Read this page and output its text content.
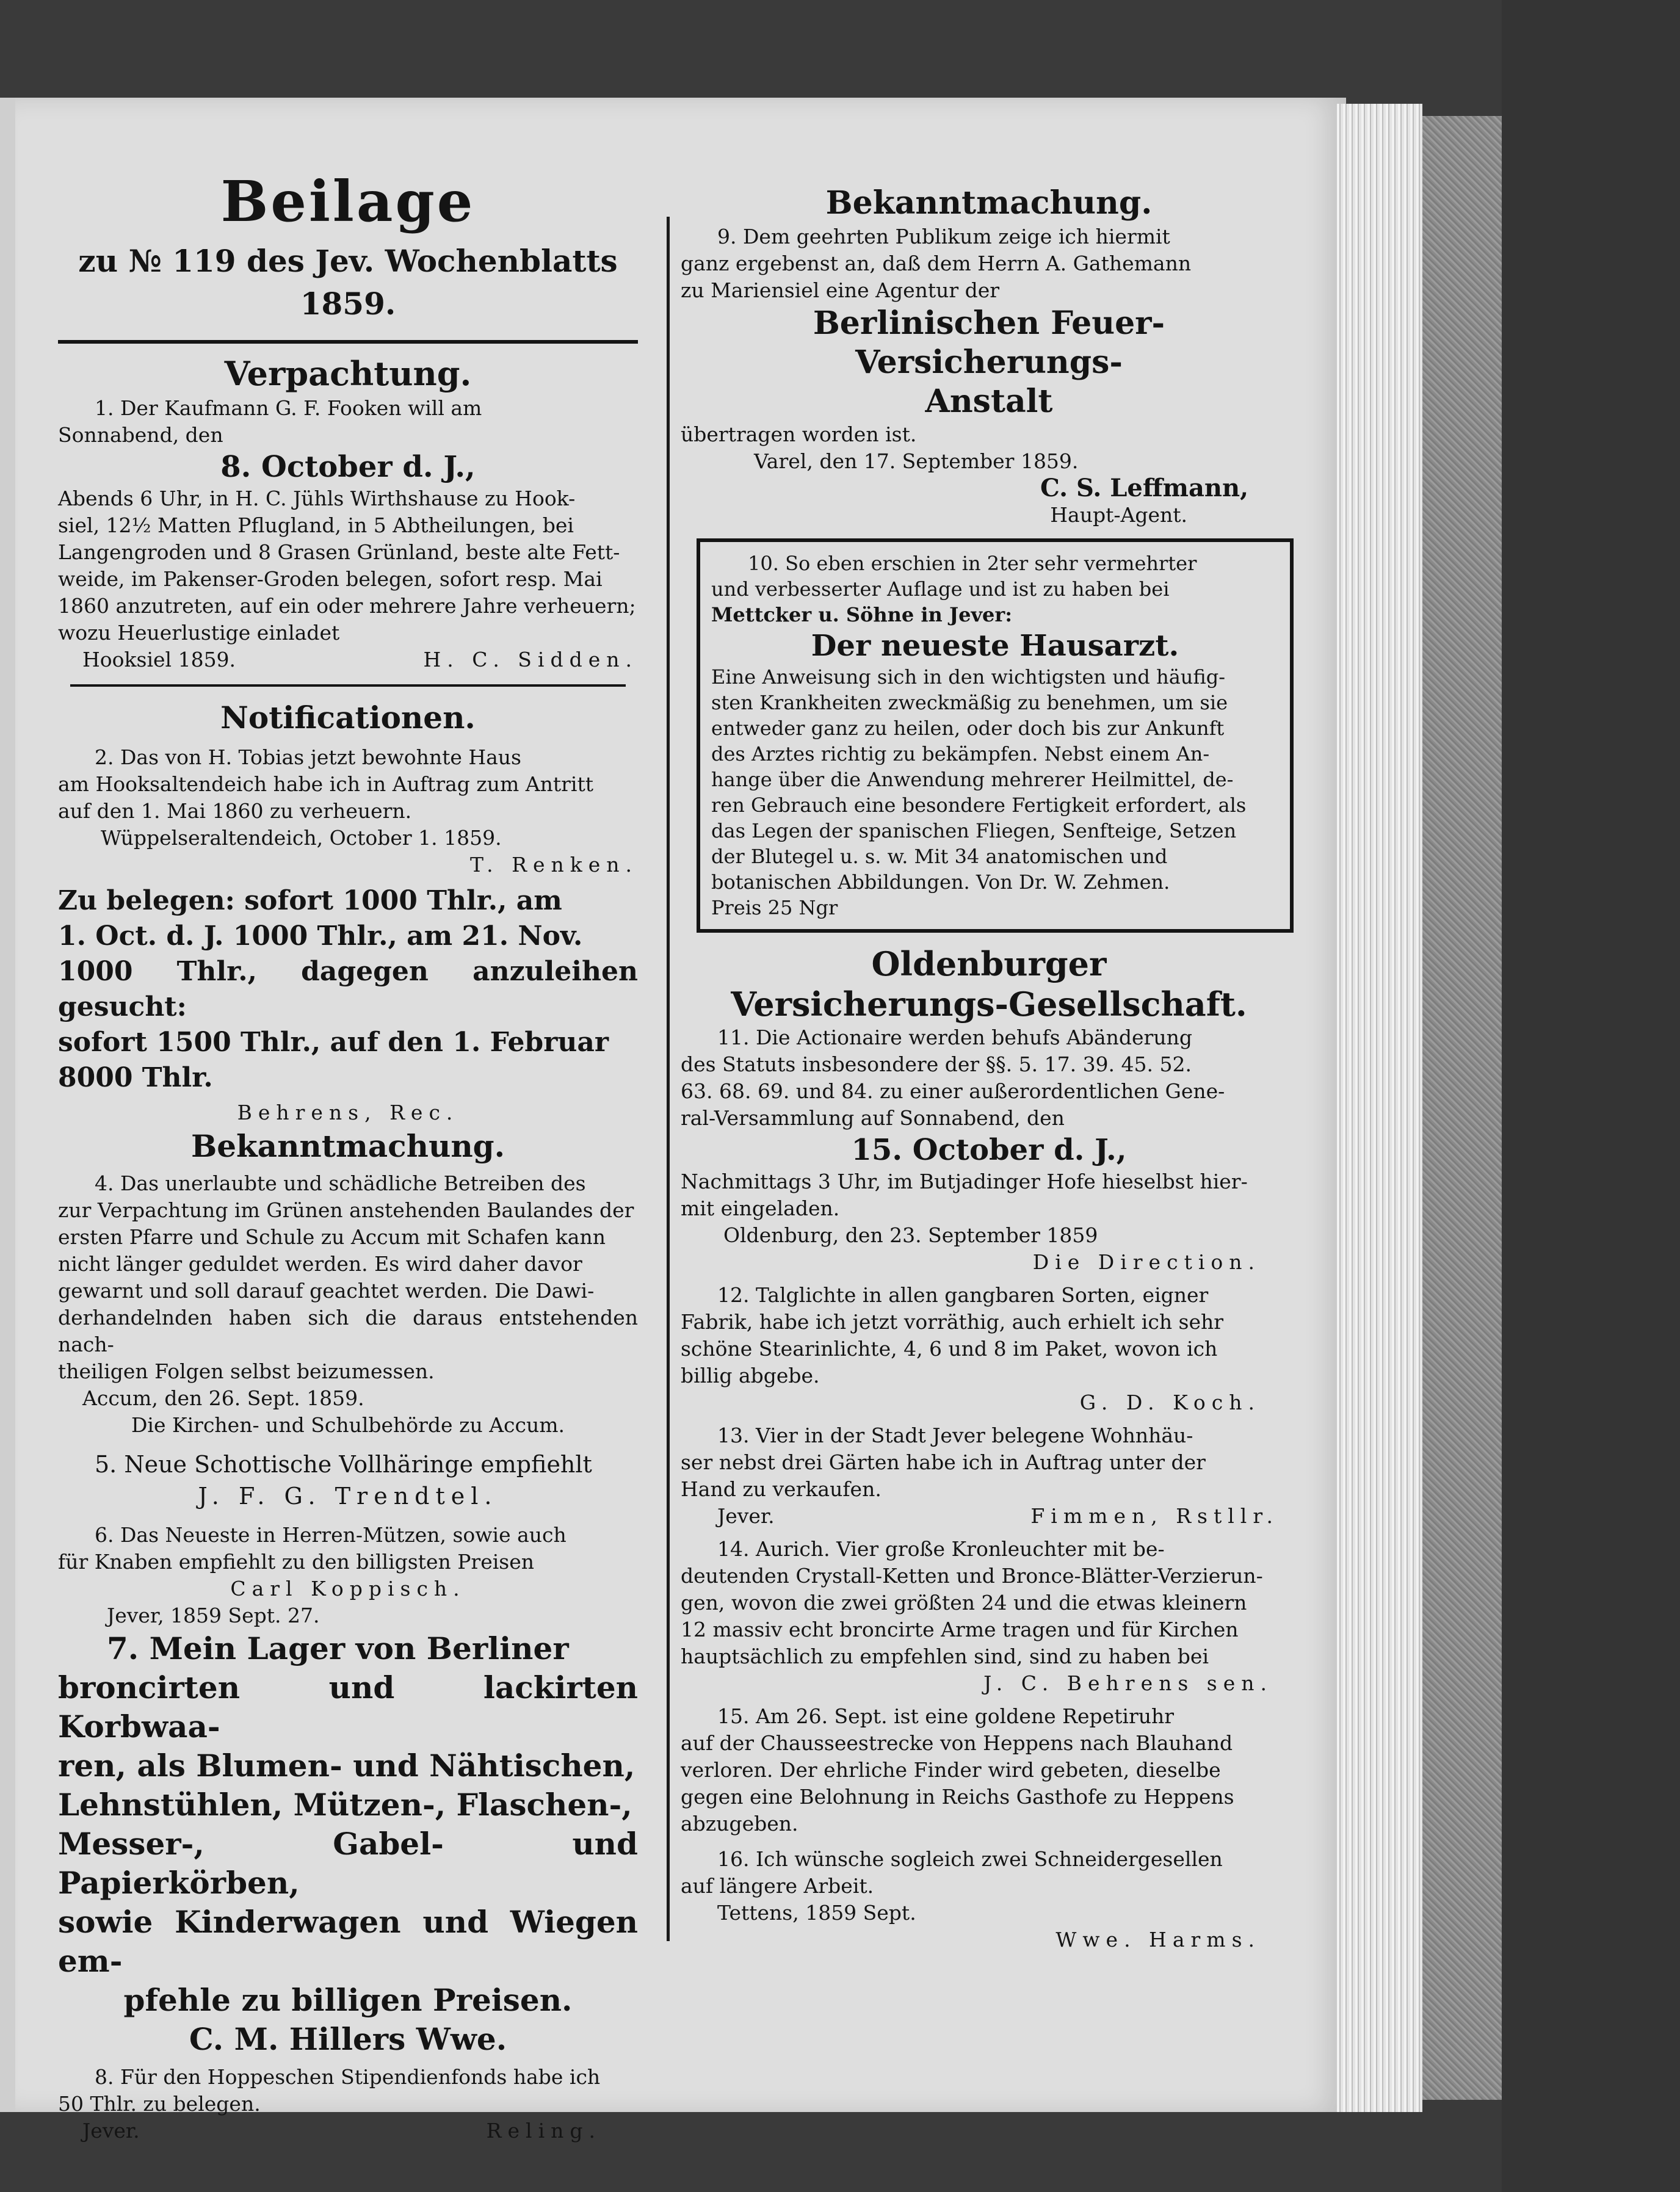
Beilage
zu № 119 des Jev. Wochenblatts 1859.
Verpachtung.

1. Der Kaufmann G. F. Fooken will am

Sonnabend, den

8. October d. J.,

Abends 6 Uhr, in H. C. Jühls Wirthshause zu Hook-

siel, 12½ Matten Pflugland, in 5 Abtheilungen, bei

Langengroden und 8 Grasen Grünland, beste alte Fett-

weide, im Pakenser-Groden belegen, sofort resp. Mai

1860 anzutreten, auf ein oder mehrere Jahre verheuern;

wozu Heuerlustige einladet

Hooksiel 1859.	H. C. Sidden.

Notificationen.

2. Das von H. Tobias jetzt bewohnte Haus

am Hooksaltendeich habe ich in Auftrag zum Antritt

auf den 1. Mai 1860 zu verheuern.

Wüppelseraltendeich, October 1. 1859.

T. Renken.

Zu belegen: sofort 1000 Thlr., am

1. Oct. d. J. 1000 Thlr., am 21. Nov.

1000 Thlr., dagegen anzuleihen gesucht:

sofort 1500 Thlr., auf den 1. Februar

8000 Thlr.

Behrens, Rec.

Bekanntmachung.

4. Das unerlaubte und schädliche Betreiben des

zur Verpachtung im Grünen anstehenden Baulandes der

ersten Pfarre und Schule zu Accum mit Schafen kann

nicht länger geduldet werden. Es wird daher davor

gewarnt und soll darauf geachtet werden. Die Dawi-

derhandelnden haben sich die daraus entstehenden nach-

theiligen Folgen selbst beizumessen.

Accum, den 26. Sept. 1859.

Die Kirchen- und Schulbehörde zu Accum.

5. Neue Schottische Vollhäringe empfiehlt

J. F. G. Trendtel.

6. Das Neueste in Herren-Mützen, sowie auch

für Knaben empfiehlt zu den billigsten Preisen

Carl Koppisch.

Jever, 1859 Sept. 27.

7. Mein Lager von Berliner

broncirten und lackirten Korbwaa-

ren, als Blumen- und Nähtischen,

Lehnstühlen, Mützen-, Flaschen-,

Messer-, Gabel- und Papierkörben,

sowie Kinderwagen und Wiegen em-

pfehle zu billigen Preisen.

C. M. Hillers Wwe.

8. Für den Hoppeschen Stipendienfonds habe ich

50 Thlr. zu belegen.

Jever.	Reling.

Bekanntmachung.

9. Dem geehrten Publikum zeige ich hiermit

ganz ergebenst an, daß dem Herrn A. Gathemann

zu Mariensiel eine Agentur der

Berlinischen Feuer-Versicherungs-

Anstalt

übertragen worden ist.

Varel, den 17. September 1859.

C. S. Leffmann,

Haupt-Agent.

10. So eben erschien in 2ter sehr vermehrter

und verbesserter Auflage und ist zu haben bei

Mettcker u. Söhne in Jever:

Der neueste Hausarzt.

Eine Anweisung sich in den wichtigsten und häufig-

sten Krankheiten zweckmäßig zu benehmen, um sie

entweder ganz zu heilen, oder doch bis zur Ankunft

des Arztes richtig zu bekämpfen. Nebst einem An-

hange über die Anwendung mehrerer Heilmittel, de-

ren Gebrauch eine besondere Fertigkeit erfordert, als

das Legen der spanischen Fliegen, Senfteige, Setzen

der Blutegel u. s. w. Mit 34 anatomischen und

botanischen Abbildungen. Von Dr. W. Zehmen.

Preis 25 Ngr

Oldenburger
Versicherungs-Gesellschaft.

11. Die Actionaire werden behufs Abänderung

des Statuts insbesondere der §§. 5. 17. 39. 45. 52.

63. 68. 69. und 84. zu einer außerordentlichen Gene-

ral-Versammlung auf Sonnabend, den

15. October d. J.,

Nachmittags 3 Uhr, im Butjadinger Hofe hieselbst hier-

mit eingeladen.

Oldenburg, den 23. September 1859

Die Direction.

12. Talglichte in allen gangbaren Sorten, eigner

Fabrik, habe ich jetzt vorräthig, auch erhielt ich sehr

schöne Stearinlichte, 4, 6 und 8 im Paket, wovon ich

billig abgebe.

G. D. Koch.

13. Vier in der Stadt Jever belegene Wohnhäu-

ser nebst drei Gärten habe ich in Auftrag unter der

Hand zu verkaufen.

Jever.	Fimmen, Rstllr.

14. Aurich. Vier große Kronleuchter mit be-

deutenden Crystall-Ketten und Bronce-Blätter-Verzierun-

gen, wovon die zwei größten 24 und die etwas kleinern

12 massiv echt broncirte Arme tragen und für Kirchen

hauptsächlich zu empfehlen sind, sind zu haben bei

J. C. Behrens sen.

15. Am 26. Sept. ist eine goldene Repetiruhr

auf der Chausseestrecke von Heppens nach Blauhand

verloren. Der ehrliche Finder wird gebeten, dieselbe

gegen eine Belohnung in Reichs Gasthofe zu Heppens

abzugeben.

16. Ich wünsche sogleich zwei Schneidergesellen

auf längere Arbeit.

Tettens, 1859 Sept.

Wwe. Harms.
